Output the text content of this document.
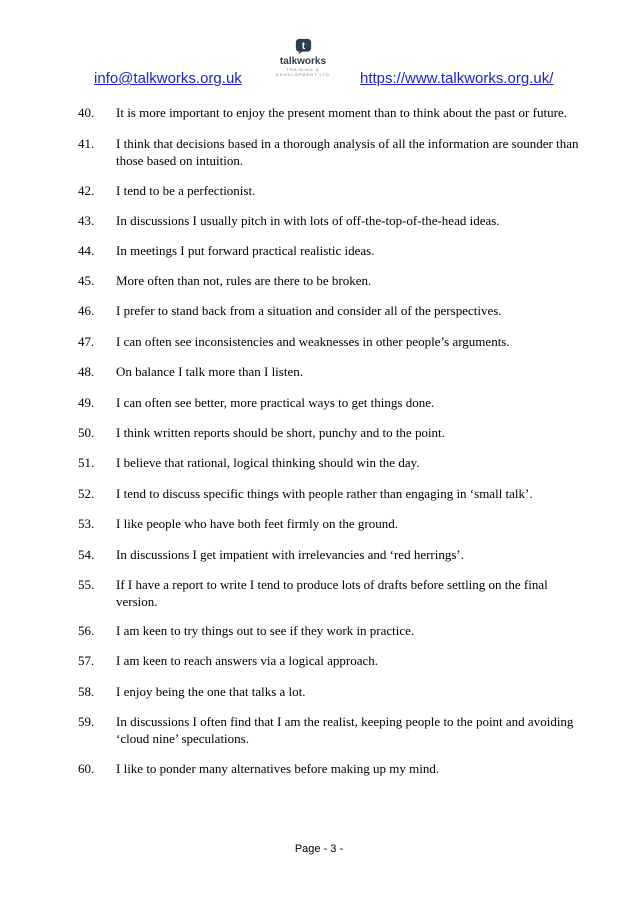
info@talkworks.org.uk
t
talkworks
TRAINING &
DEVELOPMENT LTD	https://www.talkworks.org.uk/
40. It is more important to enjoy the present moment than to think about the past or future.
41. I think that decisions based in a thorough analysis of all the information are sounder than those based on intuition.
42. I tend to be a perfectionist.
43. In discussions I usually pitch in with lots of off-the-top-of-the-head ideas.
44. In meetings I put forward practical realistic ideas.
45. More often than not, rules are there to be broken.
46. I prefer to stand back from a situation and consider all of the perspectives.
47. I can often see inconsistencies and weaknesses in other people’s arguments.
48. On balance I talk more than I listen.
49. I can often see better, more practical ways to get things done.
50. I think written reports should be short, punchy and to the point.
51. I believe that rational, logical thinking should win the day.
52. I tend to discuss specific things with people rather than engaging in ‘small talk’.
53. I like people who have both feet firmly on the ground.
54. In discussions I get impatient with irrelevancies and ‘red herrings’.
55. If I have a report to write I tend to produce lots of drafts before settling on the final version.
56. I am keen to try things out to see if they work in practice.
57. I am keen to reach answers via a logical approach.
58. I enjoy being the one that talks a lot.
59. In discussions I often find that I am the realist, keeping people to the point and avoiding ‘cloud nine’ speculations.
60. I like to ponder many alternatives before making up my mind.
Page - 3 -
